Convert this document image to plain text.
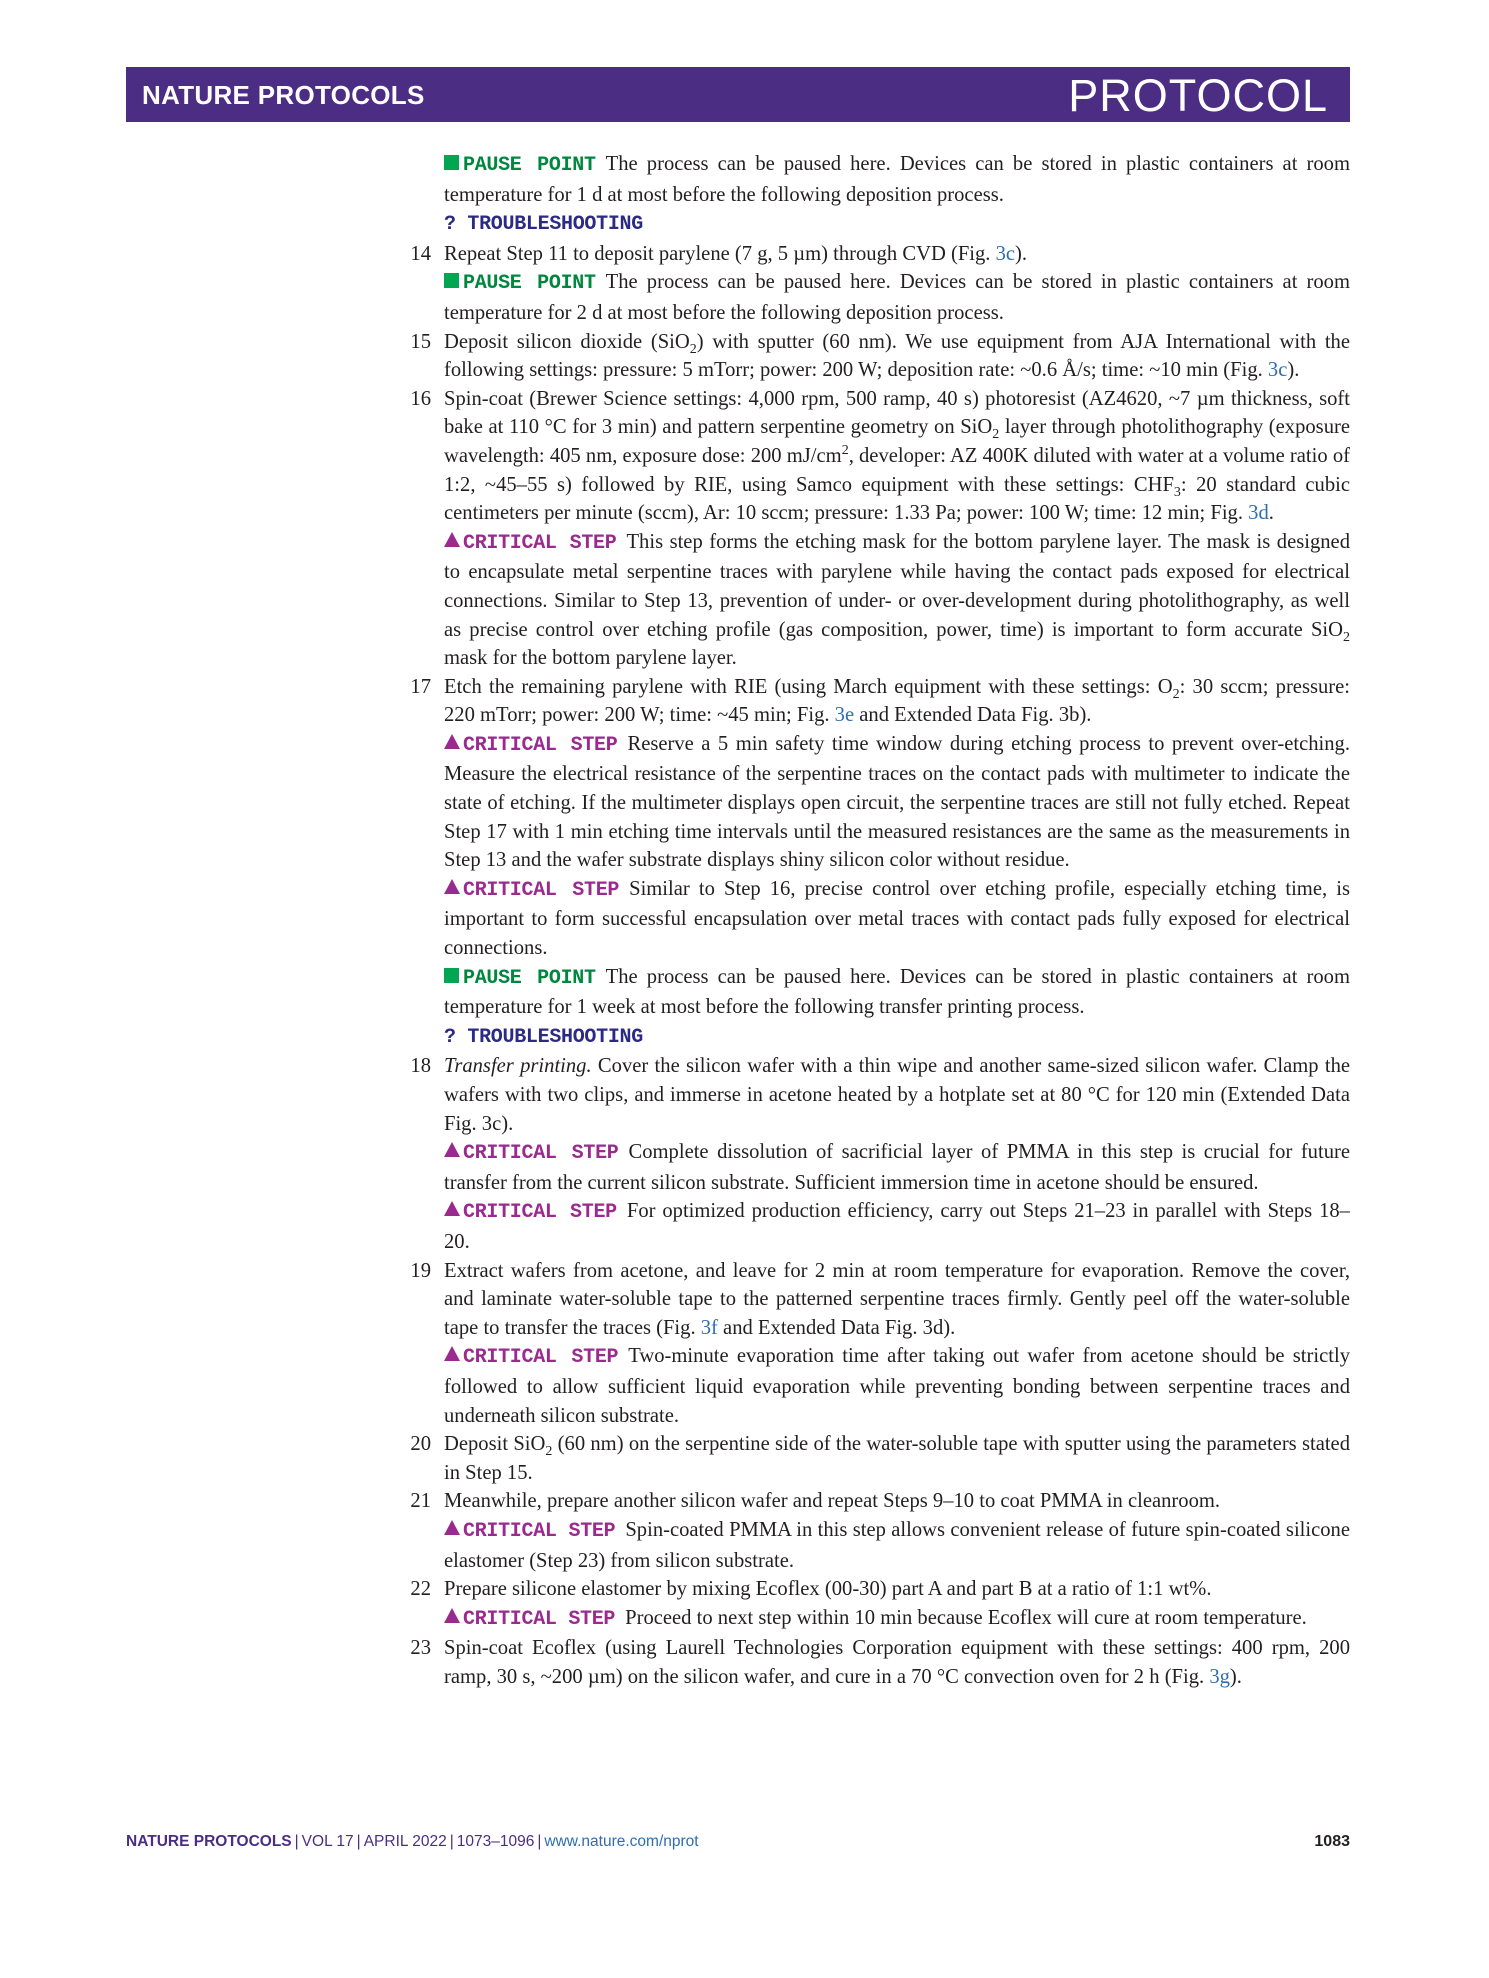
NATURE PROTOCOLS	PROTOCOL

PAUSE POINT The process can be paused here. Devices can be stored in plastic containers at room temperature for 1 d at most before the following deposition process.

? TROUBLESHOOTING

14 Repeat Step 11 to deposit parylene (7 g, 5 µm) through CVD (Fig. 3c).

PAUSE POINT The process can be paused here. Devices can be stored in plastic containers at room temperature for 2 d at most before the following deposition process.

15 Deposit silicon dioxide (SiO$_2$) with sputter (60 nm). We use equipment from AJA International with the following settings: pressure: 5 mTorr; power: 200 W; deposition rate: ~0.6 Å/s; time: ~10 min (Fig. 3c).

16 Spin-coat (Brewer Science settings: 4,000 rpm, 500 ramp, 40 s) photoresist (AZ4620, ~7 µm thickness, soft bake at 110 °C for 3 min) and pattern serpentine geometry on SiO$_2$ layer through photolithography (exposure wavelength: 405 nm, exposure dose: 200 $mJ/cm^2$, developer: AZ 400K diluted with water at a volume ratio of 1:2, ~45–55 s) followed by RIE, using Samco equipment with these settings: $CHF_3$: 20 standard cubic centimeters per minute (sccm), Ar: 10 sccm; pressure: 1.33 Pa; power: 100 W; time: 12 min; Fig. 3d.

CRITICAL STEP This step forms the etching mask for the bottom parylene layer. The mask is designed to encapsulate metal serpentine traces with parylene while having the contact pads exposed for electrical connections. Similar to Step 13, prevention of under- or over-development during photolithography, as well as precise control over etching profile (gas composition, power, time) is important to form accurate SiO$_2$ mask for the bottom parylene layer.

17 Etch the remaining parylene with RIE (using March equipment with these settings: $O_2$: 30 sccm; pressure: 220 mTorr; power: 200 W; time: ~45 min; Fig. 3e and Extended Data Fig. 3b).

CRITICAL STEP Reserve a 5 min safety time window during etching process to prevent over-etching. Measure the electrical resistance of the serpentine traces on the contact pads with multimeter to indicate the state of etching. If the multimeter displays open circuit, the serpentine traces are still not fully etched. Repeat Step 17 with 1 min etching time intervals until the measured resistances are the same as the measurements in Step 13 and the wafer substrate displays shiny silicon color without residue.

CRITICAL STEP Similar to Step 16, precise control over etching profile, especially etching time, is important to form successful encapsulation over metal traces with contact pads fully exposed for electrical connections.

PAUSE POINT The process can be paused here. Devices can be stored in plastic containers at room temperature for 1 week at most before the following transfer printing process.

? TROUBLESHOOTING

18 Transfer printing. Cover the silicon wafer with a thin wipe and another same-sized silicon wafer. Clamp the wafers with two clips, and immerse in acetone heated by a hotplate set at 80 °C for 120 min (Extended Data Fig. 3c).

CRITICAL STEP Complete dissolution of sacrificial layer of PMMA in this step is crucial for future transfer from the current silicon substrate. Sufficient immersion time in acetone should be ensured.

CRITICAL STEP For optimized production efficiency, carry out Steps 21–23 in parallel with Steps 18–20.

19 Extract wafers from acetone, and leave for 2 min at room temperature for evaporation. Remove the cover, and laminate water-soluble tape to the patterned serpentine traces firmly. Gently peel off the water-soluble tape to transfer the traces (Fig. 3f and Extended Data Fig. 3d).

CRITICAL STEP Two-minute evaporation time after taking out wafer from acetone should be strictly followed to allow sufficient liquid evaporation while preventing bonding between serpentine traces and underneath silicon substrate.

20 Deposit SiO$_2$ (60 nm) on the serpentine side of the water-soluble tape with sputter using the parameters stated in Step 15.

21 Meanwhile, prepare another silicon wafer and repeat Steps 9–10 to coat PMMA in cleanroom.

CRITICAL STEP Spin-coated PMMA in this step allows convenient release of future spin-coated silicone elastomer (Step 23) from silicon substrate.

22 Prepare silicone elastomer by mixing Ecoflex (00-30) part A and part B at a ratio of 1:1 wt%.

CRITICAL STEP Proceed to next step within 10 min because Ecoflex will cure at room temperature.

23 Spin-coat Ecoflex (using Laurell Technologies Corporation equipment with these settings: 400 rpm, 200 ramp, 30 s, ~200 µm) on the silicon wafer, and cure in a 70 °C convection oven for 2 h (Fig. 3g).

NATURE PROTOCOLS | VOL 17 | APRIL 2022 | 1073–1096 | www.nature.com/nprot	1083
